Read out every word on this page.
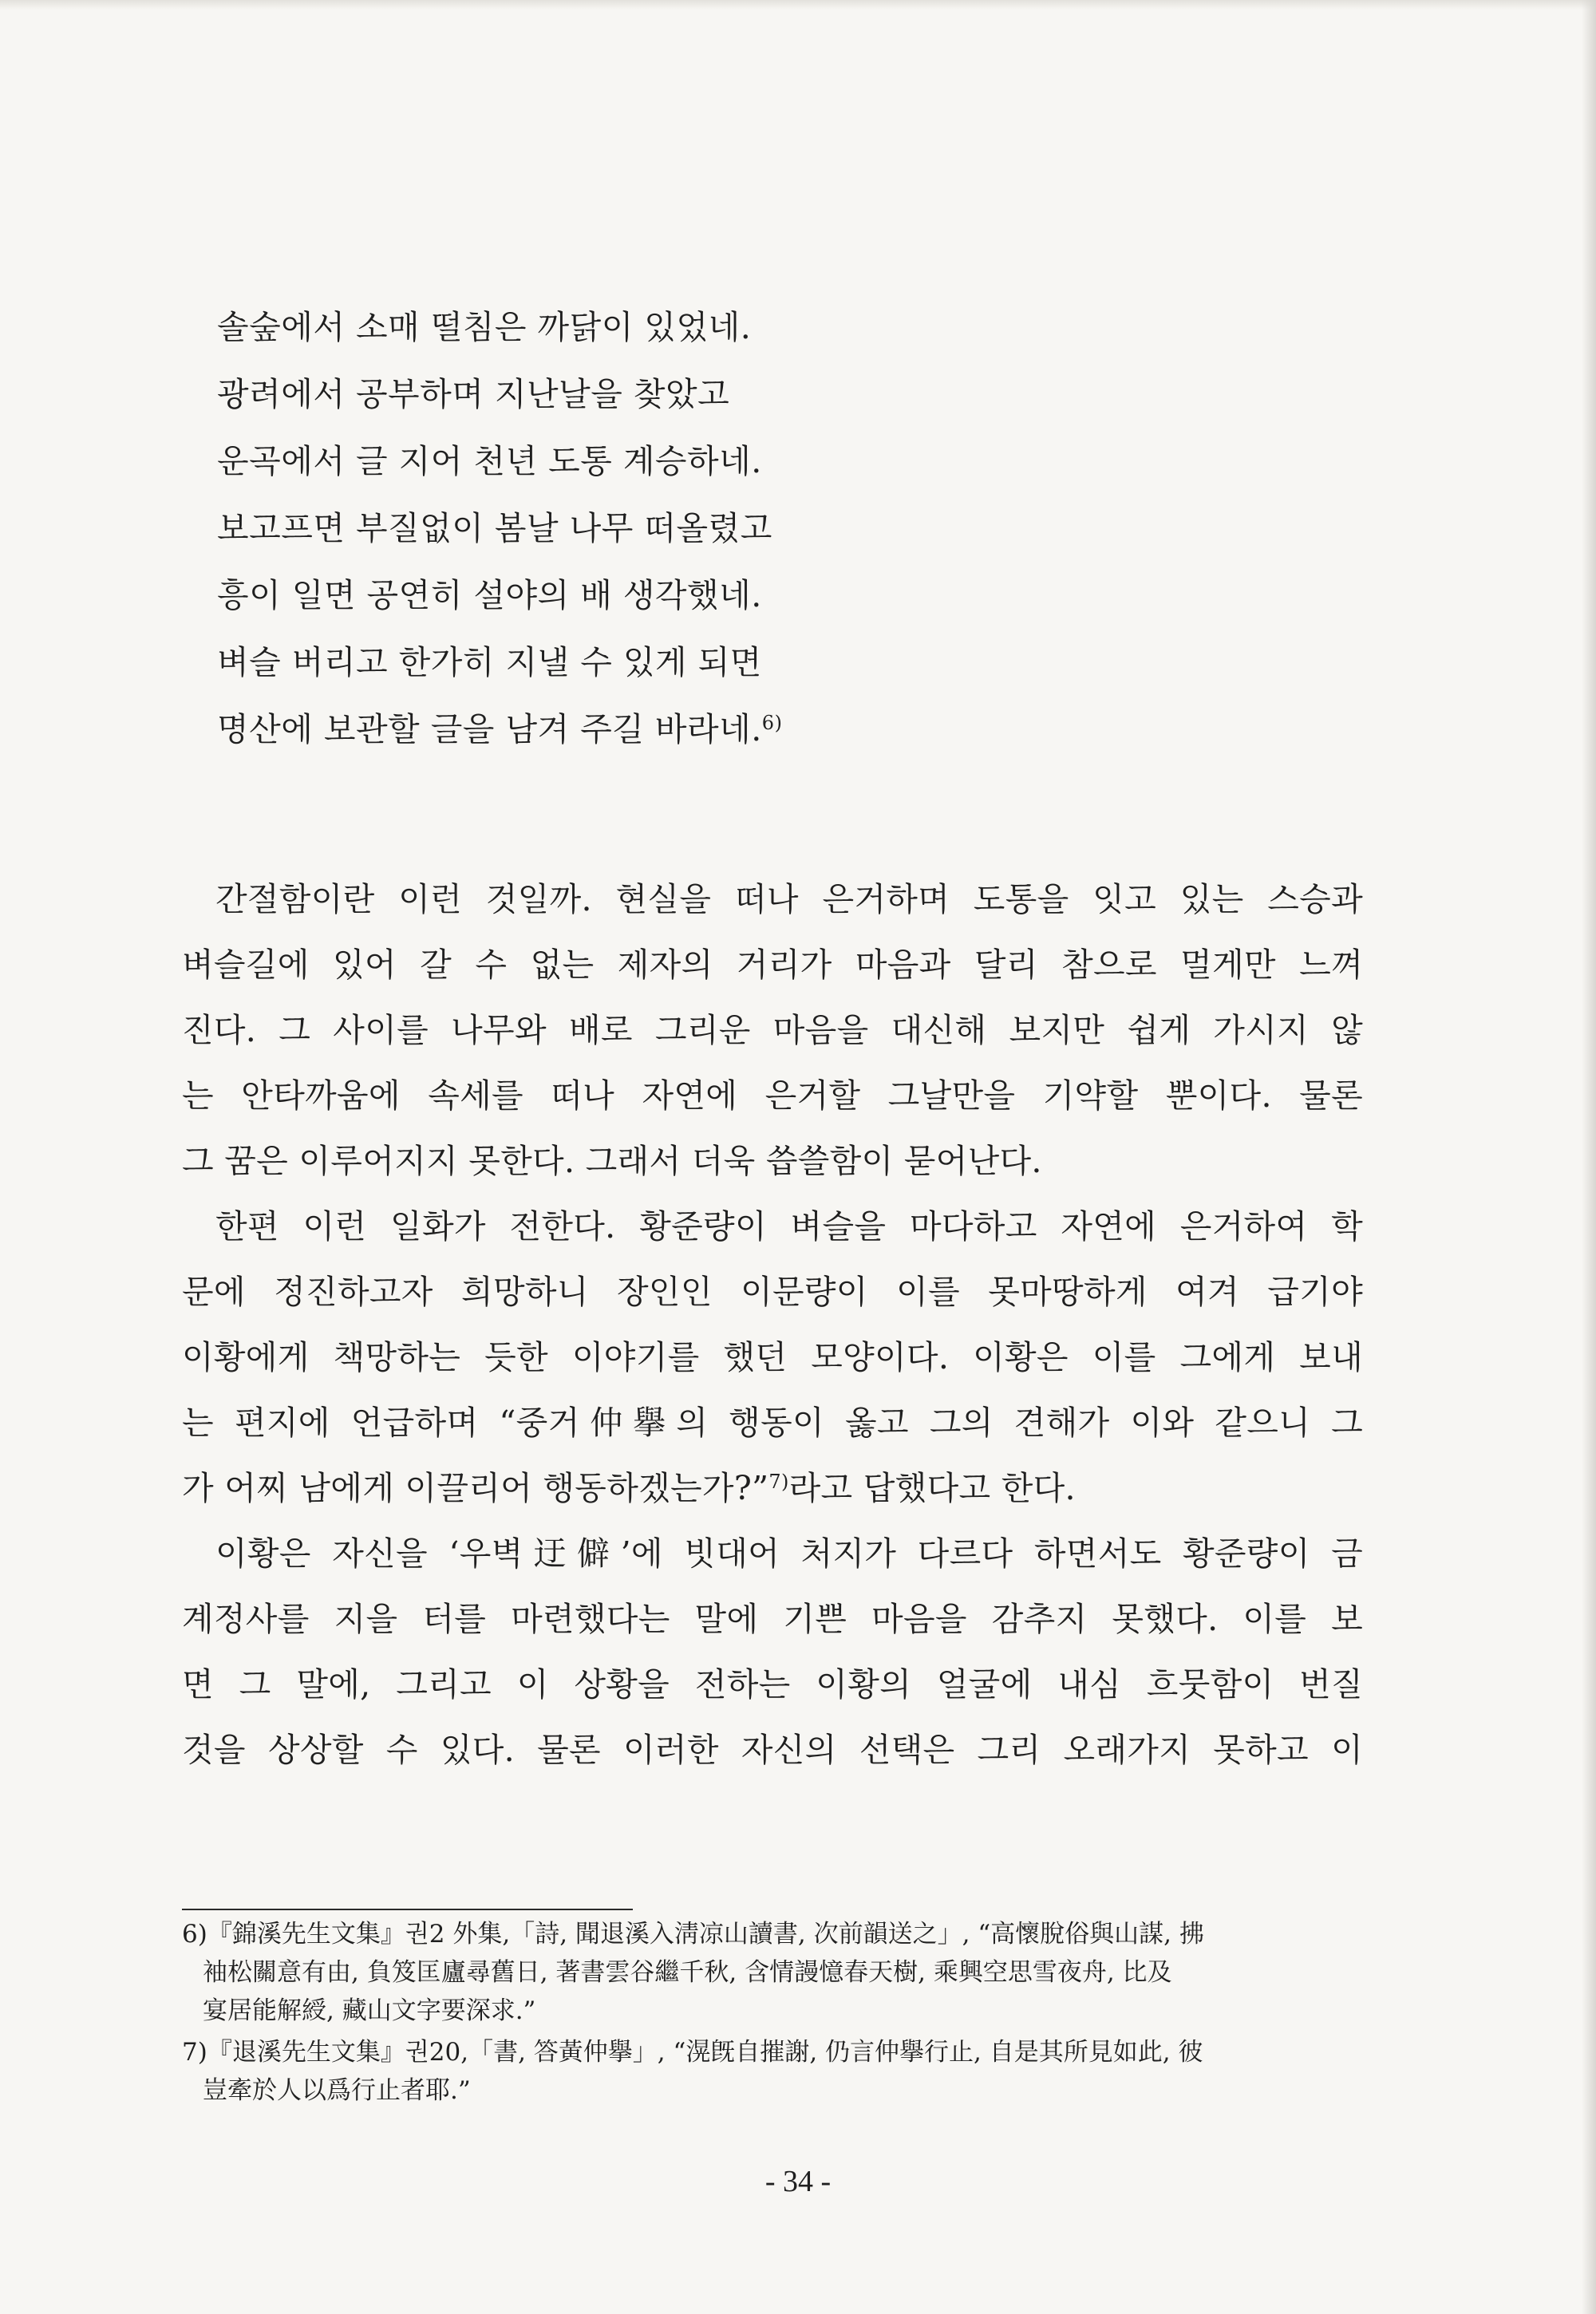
솔숲에서 소매 떨침은 까닭이 있었네.
광려에서 공부하며 지난날을 찾았고
운곡에서 글 지어 천년 도통 계승하네.
보고프면 부질없이 봄날 나무 떠올렸고
흥이 일면 공연히 설야의 배 생각했네.
벼슬 버리고 한가히 지낼 수 있게 되면
명산에 보관할 글을 남겨 주길 바라네.$^{6)}$
간절함이란 이런 것일까. 현실을 떠나 은거하며 도통을 잇고 있는 스승과
벼슬길에 있어 갈 수 없는 제자의 거리가 마음과 달리 참으로 멀게만 느껴
진다. 그 사이를 나무와 배로 그리운 마음을 대신해 보지만 쉽게 가시지 않
는 안타까움에 속세를 떠나 자연에 은거할 그날만을 기약할 뿐이다. 물론
그 꿈은 이루어지지 못한다. 그래서 더욱 씁쓸함이 묻어난다.
한편 이런 일화가 전한다. 황준량이 벼슬을 마다하고 자연에 은거하여 학
문에 정진하고자 희망하니 장인인 이문량이 이를 못마땅하게 여겨 급기야
이황에게 책망하는 듯한 이야기를 했던 모양이다. 이황은 이를 그에게 보내
는 편지에 언급하며 “중거仲擧의 행동이 옳고 그의 견해가 이와 같으니 그
가 어찌 남에게 이끌리어 행동하겠는가?”$^{7)}$라고 답했다고 한다.
이황은 자신을 ‘우벽迂僻’에 빗대어 처지가 다르다 하면서도 황준량이 금
계정사를 지을 터를 마련했다는 말에 기쁜 마음을 감추지 못했다. 이를 보
면 그 말에, 그리고 이 상황을 전하는 이황의 얼굴에 내심 흐뭇함이 번질
것을 상상할 수 있다. 물론 이러한 자신의 선택은 그리 오래가지 못하고 이
6)『錦溪先生文集』권2 外集,「詩, 聞退溪入淸凉山讀書, 次前韻送之」, “高懷脫俗與山謀, 拂
袖松關意有由, 負笈匡廬尋舊日, 著書雲谷繼千秋, 含情謾憶春天樹, 乘興空思雪夜舟, 比及
宴居能解綬, 藏山文字要深求.”
7)『退溪先生文集』권20,「書, 答黃仲擧」, “滉旣自摧謝, 仍言仲擧行止, 自是其所見如此, 彼
豈牽於人以爲行止者耶.”
- 34 -
